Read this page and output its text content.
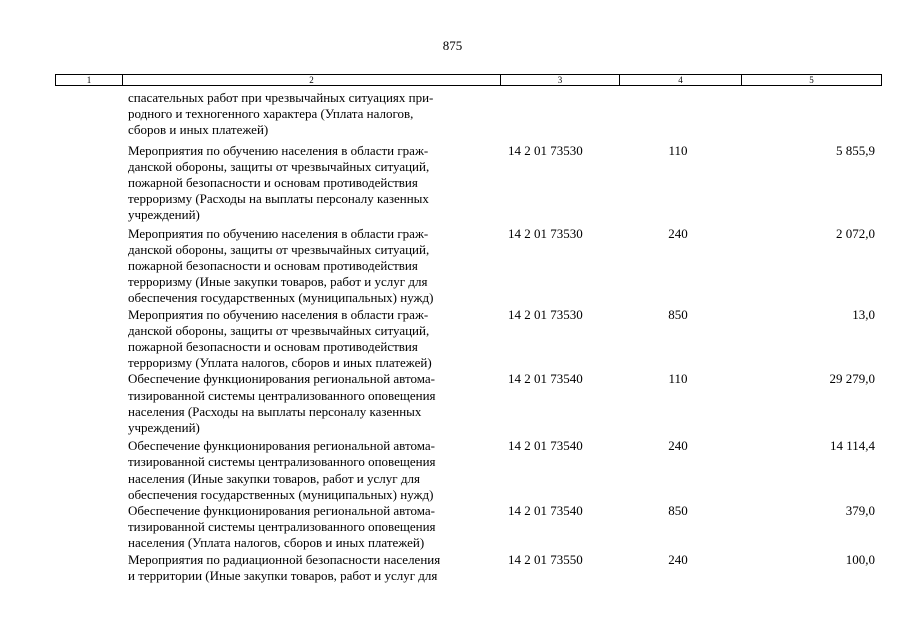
875
1	2	3	4	5
спасательных работ при чрезвычайных ситуациях при-
родного и техногенного характера (Уплата налогов,
сборов и иных платежей)
Мероприятия по обучению населения в области граж-
данской обороны, защиты от чрезвычайных ситуаций,
пожарной безопасности и основам противодействия
терроризму (Расходы на выплаты персоналу казенных
учреждений)
14 2 01 73530	110	5 855,9
Мероприятия по обучению населения в области граж-
данской обороны, защиты от чрезвычайных ситуаций,
пожарной безопасности и основам противодействия
терроризму (Иные закупки товаров, работ и услуг для
обеспечения государственных (муниципальных) нужд)
14 2 01 73530	240	2 072,0
Мероприятия по обучению населения в области граж-
данской обороны, защиты от чрезвычайных ситуаций,
пожарной безопасности и основам противодействия
терроризму (Уплата налогов, сборов и иных платежей)
14 2 01 73530	850	13,0
Обеспечение функционирования региональной автома-
тизированной системы централизованного оповещения
населения (Расходы на выплаты персоналу казенных
учреждений)
14 2 01 73540	110	29 279,0
Обеспечение функционирования региональной автома-
тизированной системы централизованного оповещения
населения (Иные закупки товаров, работ и услуг для
обеспечения государственных (муниципальных) нужд)
14 2 01 73540	240	14 114,4
Обеспечение функционирования региональной автома-
тизированной системы централизованного оповещения
населения (Уплата налогов, сборов и иных платежей)
14 2 01 73540	850	379,0
Мероприятия по радиационной безопасности населения
и территории (Иные закупки товаров, работ и услуг для
14 2 01 73550	240	100,0
